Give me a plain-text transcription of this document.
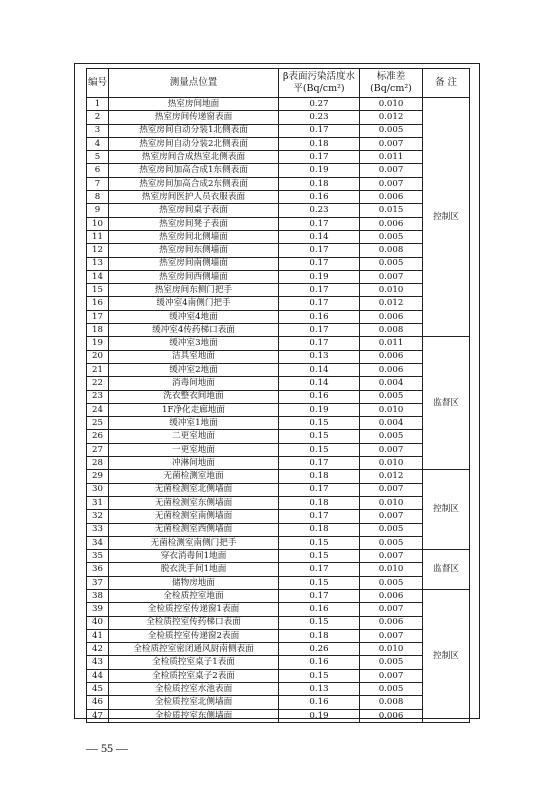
编号	测量点位置	β表面污染活度水平(Bq/cm²)	标准差(Bq/cm²)	备 注
1	热室房间地面	0.27	0.010	控制区
2	热室房间传递窗表面	0.23	0.012	
3	热室房间自动分装1北侧表面	0.17	0.005	
4	热室房间自动分装2北侧表面	0.18	0.007	
5	热室房间合成热室北侧表面	0.17	0.011	
6	热室房间加高合成1东侧表面	0.19	0.007	
7	热室房间加高合成2东侧表面	0.18	0.007	
8	热室房间医护人员衣服表面	0.16	0.006	
9	热室房间桌子表面	0.23	0.015	
10	热室房间凳子表面	0.17	0.006	
11	热室房间北侧墙面	0.14	0.005	
12	热室房间东侧墙面	0.17	0.008	
13	热室房间南侧墙面	0.17	0.005	
14	热室房间西侧墙面	0.19	0.007	
15	热室房间东侧门把手	0.17	0.010	
16	缓冲室4南侧门把手	0.17	0.012	
17	缓冲室4地面	0.16	0.006	
18	缓冲室4传药梯口表面	0.17	0.008	
19	缓冲室3地面	0.17	0.011	监督区
20	洁具室地面	0.13	0.006	
21	缓冲室2地面	0.14	0.006	
22	消毒间地面	0.14	0.004	
23	洗衣整衣间地面	0.16	0.005	
24	1F净化走廊地面	0.19	0.010	
25	缓冲室1地面	0.15	0.004	
26	二更室地面	0.15	0.005	
27	一更室地面	0.15	0.007	
28	冲淋间地面	0.17	0.010	
29	无菌检测室地面	0.18	0.012	控制区
30	无菌检测室北侧墙面	0.17	0.007	
31	无菌检测室东侧墙面	0.18	0.010	
32	无菌检测室南侧墙面	0.17	0.007	
33	无菌检测室西侧墙面	0.18	0.005	
34	无菌检测室南侧门把手	0.15	0.005	
35	穿衣消毒间1地面	0.15	0.007	监督区
36	脱衣洗手间1地面	0.17	0.010	
37	储物房地面	0.15	0.005	
38	全检质控室地面	0.17	0.006	控制区
39	全检质控室传递窗1表面	0.16	0.007	
40	全检质控室传药梯口表面	0.15	0.006	
41	全检质控室传递窗2表面	0.18	0.007	
42	全检质控室密闭通风厨南侧表面	0.26	0.010	
43	全检质控室桌子1表面	0.16	0.005	
44	全检质控室桌子2表面	0.15	0.007	
45	全检质控室水池表面	0.13	0.005	
46	全检质控室北侧墙面	0.16	0.008	
47	全检质控室东侧墙面	0.19	0.006	
— 55 —
